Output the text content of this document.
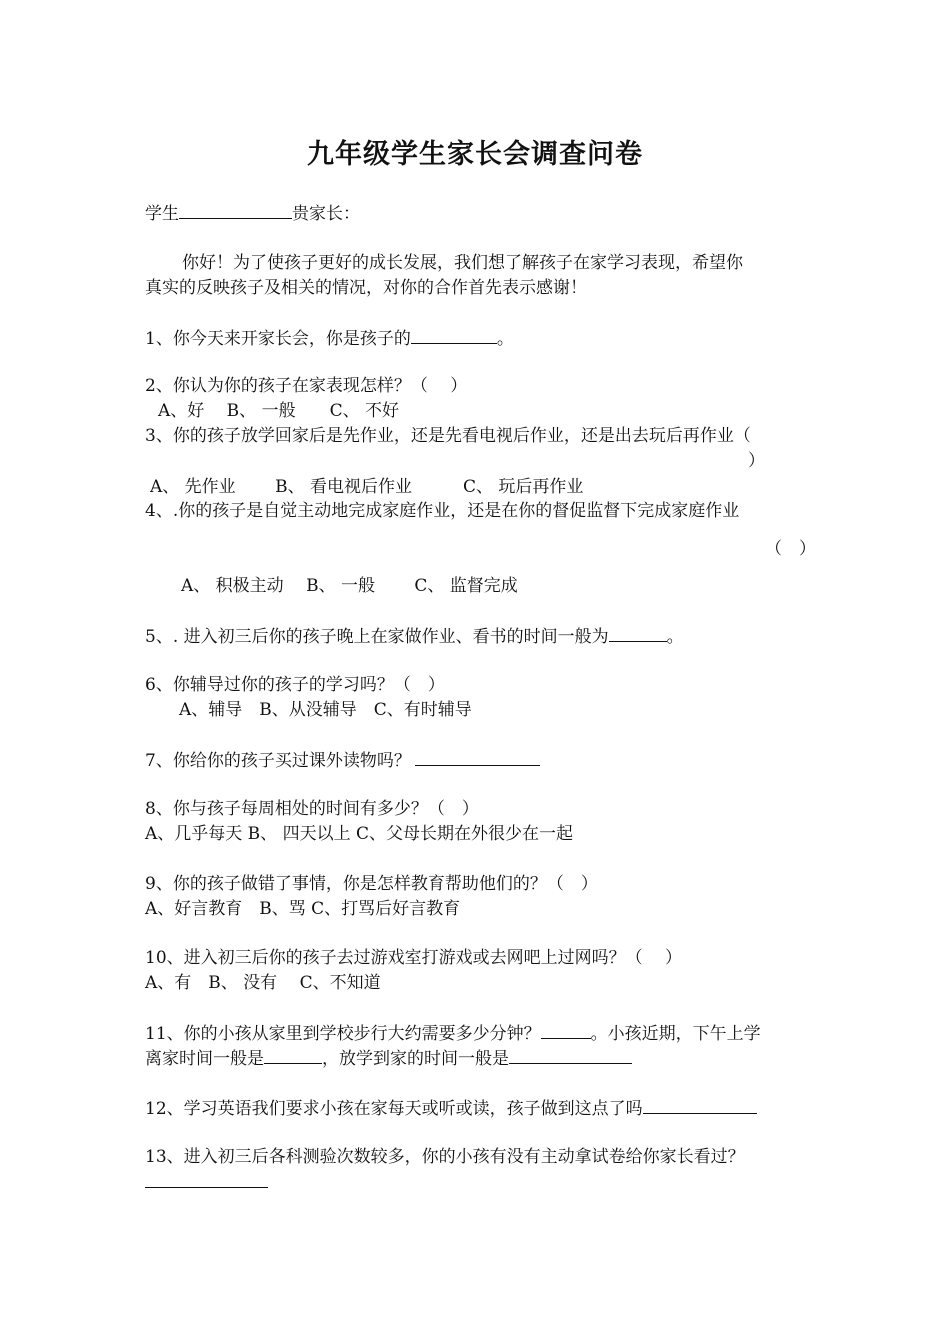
九年级学生家长会调查问卷
学生	贵家长：
你好！为了使孩子更好的成长发展，我们想了解孩子在家学习表现，希望你
真实的反映孩子及相关的情况，对你的合作首先表示感谢！
1、你今天来开家长会，你是孩子的	。
2、你认为你的孩子在家表现怎样？（　 ）
A、好　 B、 一般　　C、 不好
3、你的孩子放学回家后是先作业，还是先看电视后作业，还是出去玩后再作业（
）
A、 先作业　　 B、 看电视后作业　　　C、 玩后再作业
4、.你的孩子是自觉主动地完成家庭作业，还是在你的督促监督下完成家庭作业
（　）
A、 积极主动　 B、 一般　　 C、 监督完成
5、. 进入初三后你的孩子晚上在家做作业、看书的时间一般为	。
6、你辅导过你的孩子的学习吗？（　）
A、辅导　B、从没辅导　C、有时辅导
7、你给你的孩子买过课外读物吗？
8、你与孩子每周相处的时间有多少？（　）
A、几乎每天 B、 四天以上 C、父母长期在外很少在一起
9、你的孩子做错了事情，你是怎样教育帮助他们的？（　）
A、好言教育　B、骂 C、打骂后好言教育
10、进入初三后你的孩子去过游戏室打游戏或去网吧上过网吗？（　 ）
A、有　B、 没有　 C、不知道
11、你的小孩从家里到学校步行大约需要多少分钟？	。小孩近期，下午上学
离家时间一般是	，放学到家的时间一般是
12、学习英语我们要求小孩在家每天或听或读，孩子做到这点了吗
13、进入初三后各科测验次数较多，你的小孩有没有主动拿试卷给你家长看过？
